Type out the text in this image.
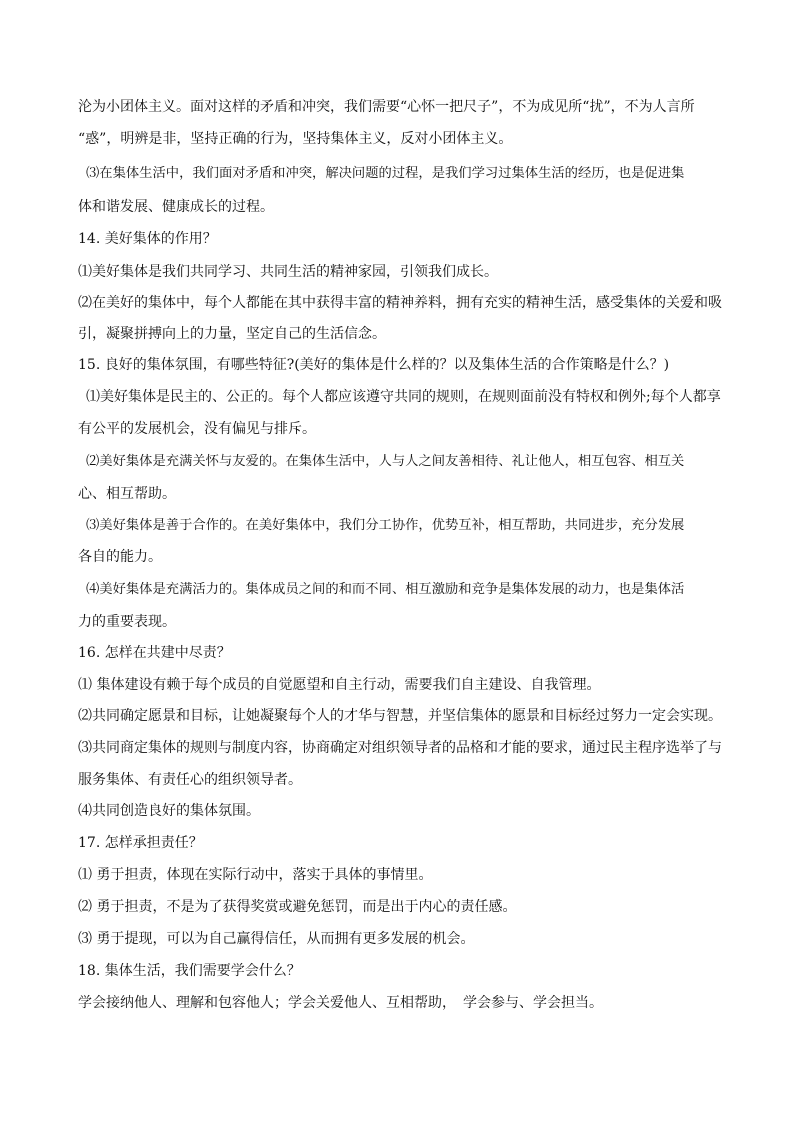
沦为小团体主义。面对这样的矛盾和冲突，我们需要“心怀一把尺子”，不为成见所“扰”，不为人言所
“惑”，明辨是非，坚持正确的行为，坚持集体主义，反对小团体主义。
⑶在集体生活中，我们面对矛盾和冲突，解决问题的过程，是我们学习过集体生活的经历，也是促进集
体和谐发展、健康成长的过程。
14. 美好集体的作用？
⑴美好集体是我们共同学习、共同生活的精神家园，引领我们成长。
⑵在美好的集体中，每个人都能在其中获得丰富的精神养料，拥有充实的精神生活，感受集体的关爱和吸
引，凝聚拼搏向上的力量，坚定自己的生活信念。
15. 良好的集体氛围，有哪些特征?(美好的集体是什么样的？以及集体生活的合作策略是什么？)
⑴美好集体是民主的、公正的。每个人都应该遵守共同的规则，在规则面前没有特权和例外;每个人都享
有公平的发展机会，没有偏见与排斥。
⑵美好集体是充满关怀与友爱的。在集体生活中，人与人之间友善相待、礼让他人，相互包容、相互关
心、相互帮助。
⑶美好集体是善于合作的。在美好集体中，我们分工协作，优势互补，相互帮助，共同进步，充分发展
各自的能力。
⑷美好集体是充满活力的。集体成员之间的和而不同、相互激励和竞争是集体发展的动力，也是集体活
力的重要表现。
16. 怎样在共建中尽责？
⑴ 集体建设有赖于每个成员的自觉愿望和自主行动，需要我们自主建设、自我管理。
⑵共同确定愿景和目标，让她凝聚每个人的才华与智慧，并坚信集体的愿景和目标经过努力一定会实现。
⑶共同商定集体的规则与制度内容，协商确定对组织领导者的品格和才能的要求，通过民主程序选举了与
服务集体、有责任心的组织领导者。
⑷共同创造良好的集体氛围。
17. 怎样承担责任？
⑴ 勇于担责，体现在实际行动中，落实于具体的事情里。
⑵ 勇于担责，不是为了获得奖赏或避免惩罚，而是出于内心的责任感。
⑶ 勇于提现，可以为自己赢得信任，从而拥有更多发展的机会。
18. 集体生活，我们需要学会什么？
学会接纳他人、理解和包容他人；学会关爱他人、互相帮助，　学会参与、学会担当。
